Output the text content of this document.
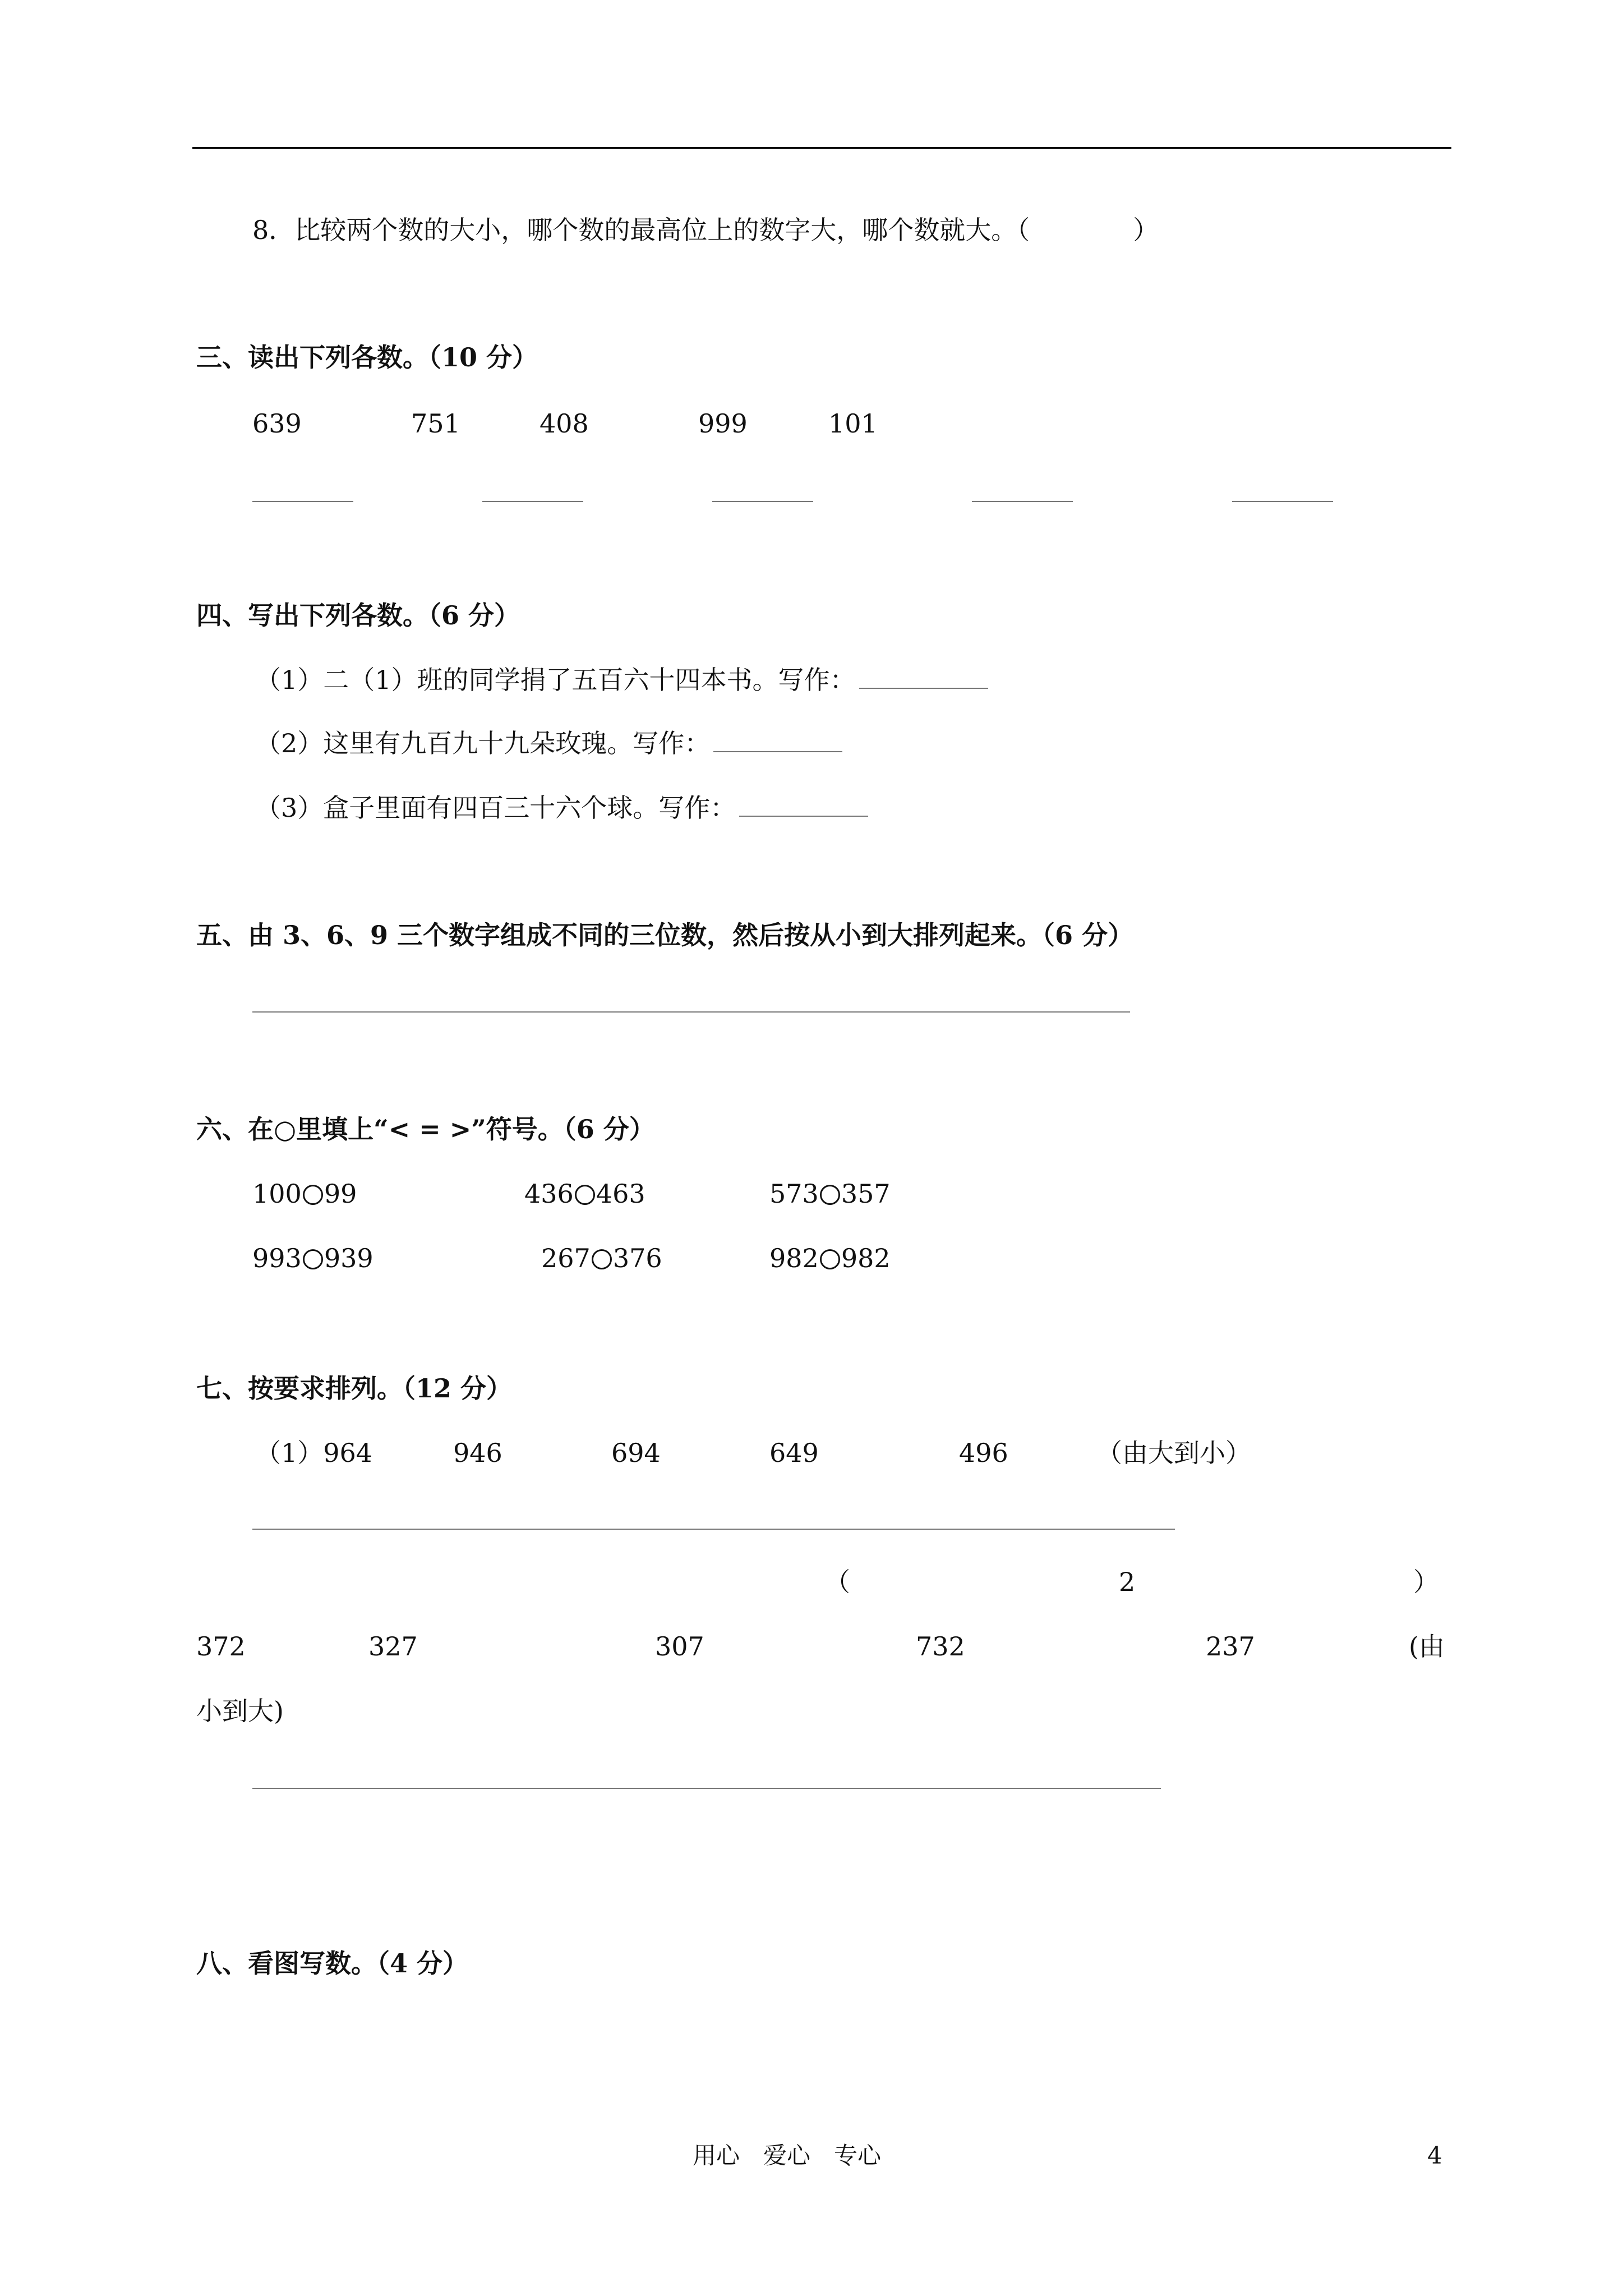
8．比较两个数的大小，哪个数的最高位上的数字大，哪个数就大。（　　　　）
三、读出下列各数。（10 分）
639	751	408	999	101
四、写出下列各数。（6 分）
（1）二（1）班的同学捐了五百六十四本书。写作：
（2）这里有九百九十九朵玫瑰。写作：
（3）盒子里面有四百三十六个球。写作：
五、由 3、6、9 三个数字组成不同的三位数，然后按从小到大排列起来。（6 分）
六、在○里填上“< = >”符号。（6 分）
100 99	436 463	573 357
993 939	267 376	982 982
七、按要求排列。（12 分）
（1）964	946	694	649	496	（由大到小）
（	2	）
372	327	307	732	237	(由
小到大)
八、看图写数。（4 分）
用心　爱心　专心	4
